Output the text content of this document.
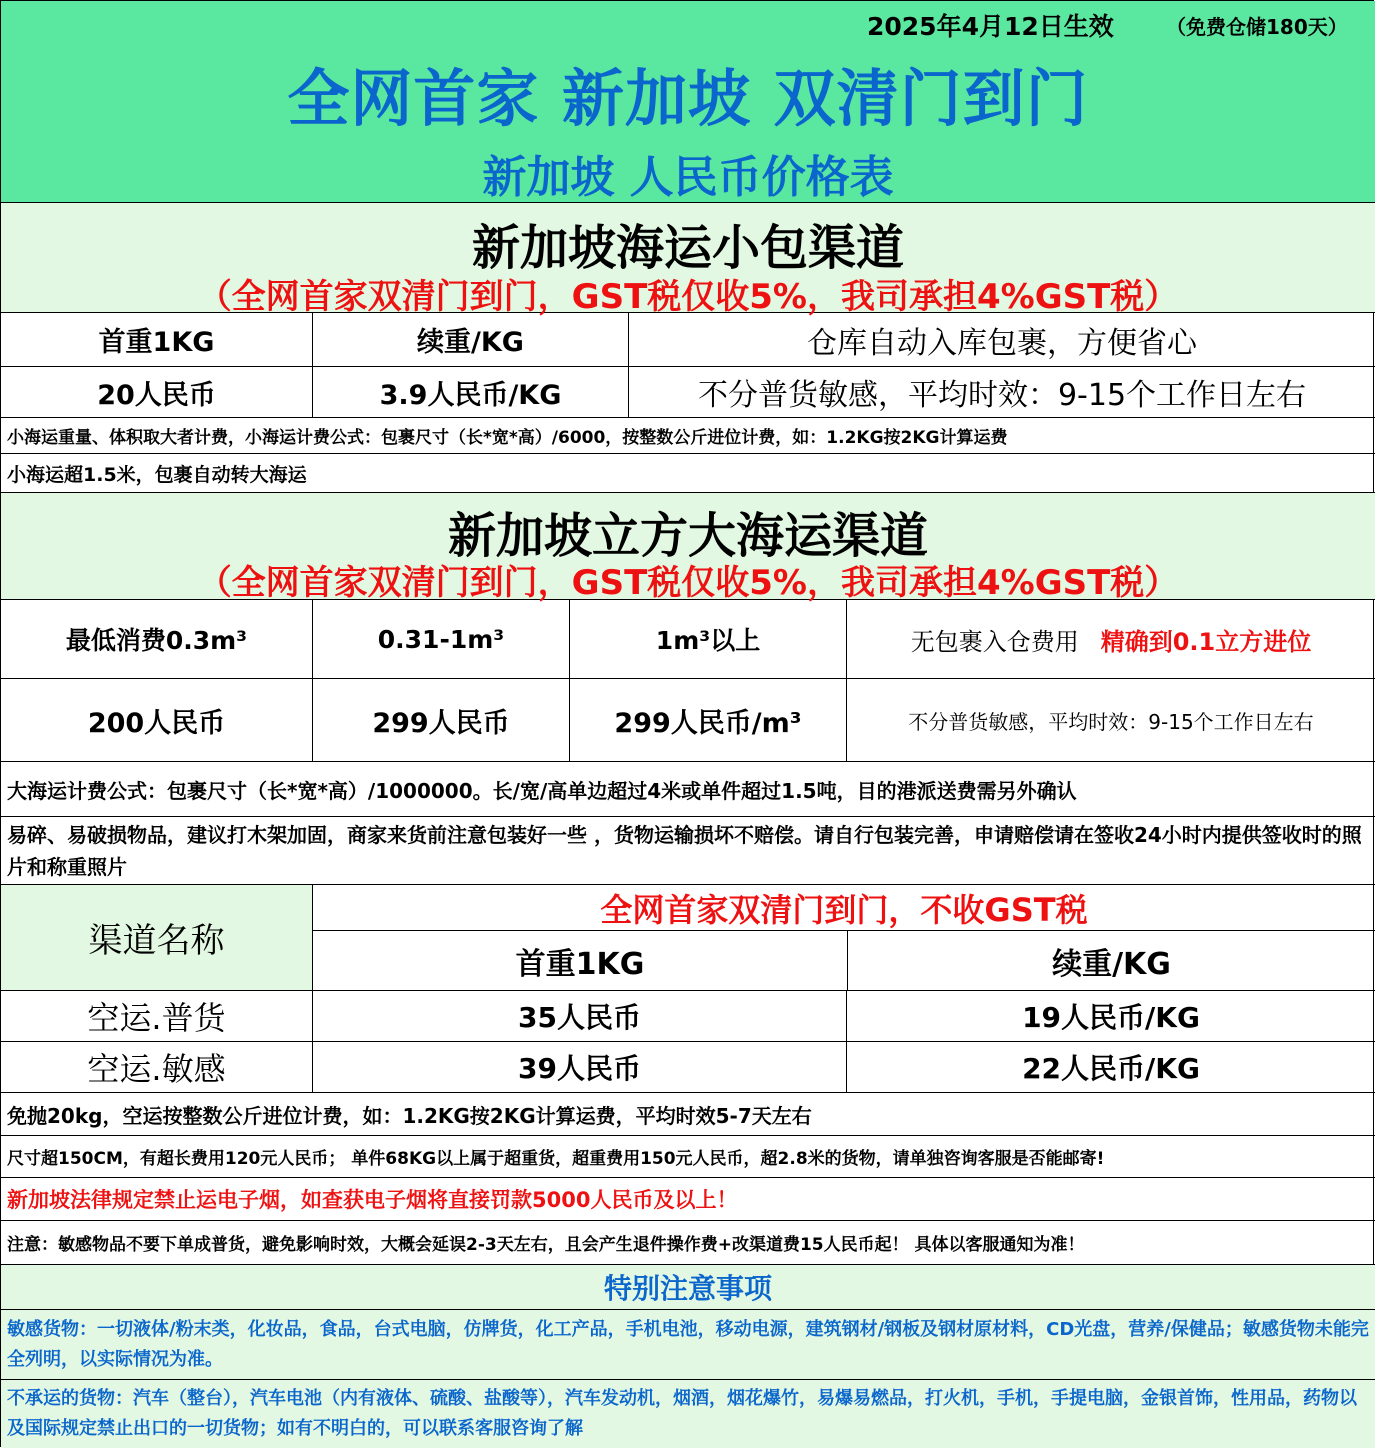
2025年4月12日生效	（免费仓储180天）
全网首家 新加坡 双清门到门
新加坡 人民币价格表
新加坡海运小包渠道
（全网首家双清门到门，GST税仅收5%，我司承担4%GST税）
首重1KG	续重/KG	仓库自动入库包裹，方便省心
20人民币	3.9人民币/KG	不分普货敏感，平均时效：9-15个工作日左右
小海运重量、体积取大者计费，小海运计费公式：包裹尺寸（长*宽*高）/6000，按整数公斤进位计费，如：1.2KG按2KG计算运费
小海运超1.5米，包裹自动转大海运
新加坡立方大海运渠道
（全网首家双清门到门，GST税仅收5%，我司承担4%GST税）
最低消费0.3m³	0.31-1m³	1m³以上	无包裹入仓费用 精确到0.1立方进位
200人民币	299人民币	299人民币/m³	不分普货敏感，平均时效：9-15个工作日左右
大海运计费公式：包裹尺寸（长*宽*高）/1000000。长/宽/高单边超过4米或单件超过1.5吨，目的港派送费需另外确认
易碎、易破损物品，建议打木架加固，商家来货前注意包装好一些 ，货物运输损坏不赔偿。请自行包装完善，申请赔偿请在签收24小时内提供签收时的照片和称重照片
渠道名称
全网首家双清门到门，不收GST税
首重1KG	续重/KG
空运.普货	35人民币	19人民币/KG
空运.敏感	39人民币	22人民币/KG
免抛20kg，空运按整数公斤进位计费，如：1.2KG按2KG计算运费，平均时效5-7天左右
尺寸超150CM，有超长费用120元人民币； 单件68KG以上属于超重货，超重费用150元人民币，超2.8米的货物，请单独咨询客服是否能邮寄!
新加坡法律规定禁止运电子烟，如查获电子烟将直接罚款5000人民币及以上！
注意：敏感物品不要下单成普货，避免影响时效，大概会延误2-3天左右，且会产生退件操作费+改渠道费15人民币起！ 具体以客服通知为准！
特别注意事项
敏感货物：一切液体/粉末类，化妆品，食品，台式电脑，仿牌货，化工产品，手机电池，移动电源，建筑钢材/钢板及钢材原材料，CD光盘，营养/保健品；敏感货物未能完全列明，以实际情况为准。
不承运的货物：汽车（整台），汽车电池（内有液体、硫酸、盐酸等），汽车发动机，烟酒，烟花爆竹，易爆易燃品，打火机，手机，手提电脑，金银首饰，性用品，药物以及国际规定禁止出口的一切货物；如有不明白的，可以联系客服咨询了解
